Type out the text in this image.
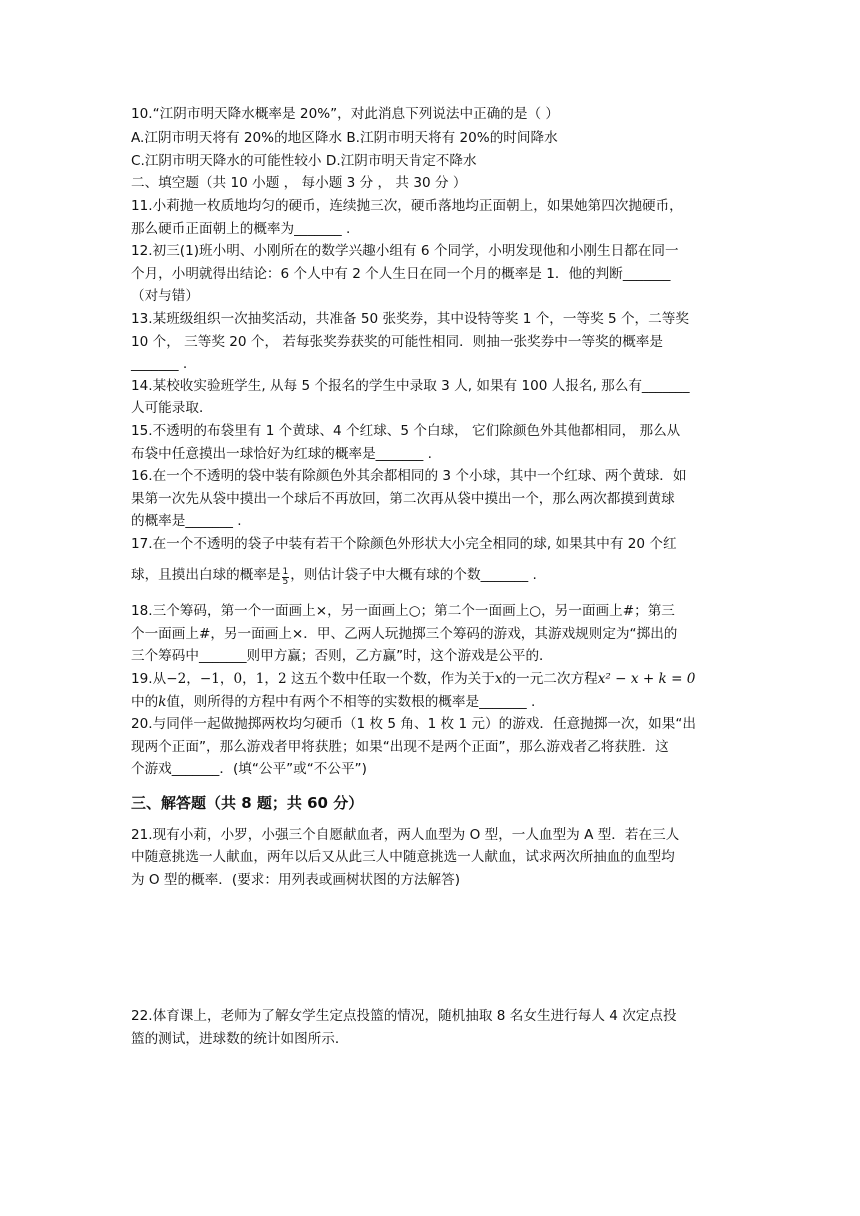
10.“江阴市明天降水概率是 20%”，对此消息下列说法中正确的是（ ）
A.江阴市明天将有 20%的地区降水 B.江阴市明天将有 20%的时间降水
C.江阴市明天降水的可能性较小 D.江阴市明天肯定不降水
二、填空题（共 10 小题 ， 每小题 3 分 ， 共 30 分 ）
11.小莉抛一枚质地均匀的硬币，连续抛三次，硬币落地均正面朝上，如果她第四次抛硬币，
那么硬币正面朝上的概率为_______ .
12.初三(1)班小明、小刚所在的数学兴趣小组有 6 个同学，小明发现他和小刚生日都在同一
个月，小明就得出结论：6 个人中有 2 个人生日在同一个月的概率是 1．他的判断_______
（对与错）
13.某班级组织一次抽奖活动，共准备 50 张奖券，其中设特等奖 1 个，一等奖 5 个，二等奖
10 个， 三等奖 20 个， 若每张奖券获奖的可能性相同．则抽一张奖券中一等奖的概率是
_______ .
14.某校收实验班学生, 从每 5 个报名的学生中录取 3 人, 如果有 100 人报名, 那么有_______
人可能录取．
15.不透明的布袋里有 1 个黄球、4 个红球、5 个白球， 它们除颜色外其他都相同， 那么从
布袋中任意摸出一球恰好为红球的概率是_______ .
16.在一个不透明的袋中装有除颜色外其余都相同的 3 个小球，其中一个红球、两个黄球．如
果第一次先从袋中摸出一个球后不再放回，第二次再从袋中摸出一个，那么两次都摸到黄球
的概率是_______ .
17.在一个不透明的袋子中装有若干个除颜色外形状大小完全相同的球, 如果其中有 20 个红
球，且摸出白球的概率是 $\frac{1}{5}$ ，则估计袋子中大概有球的个数_______ .
18.三个筹码，第一个一面画上×，另一面画上○；第二个一面画上○，另一面画上#；第三
个一面画上#，另一面画上×．甲、乙两人玩抛掷三个筹码的游戏，其游戏规则定为“掷出的
三个筹码中_______则甲方赢；否则，乙方赢”时，这个游戏是公平的．
19.从−2，−1，0，1，2 这五个数中任取一个数，作为关于x的一元二次方程x² − x + k = 0
中的k值，则所得的方程中有两个不相等的实数根的概率是_______ .
20.与同伴一起做抛掷两枚均匀硬币（1 枚 5 角、1 枚 1 元）的游戏．任意抛掷一次，如果“出
现两个正面”，那么游戏者甲将获胜；如果“出现不是两个正面”，那么游戏者乙将获胜．这
个游戏_______．(填“公平”或“不公平”)
三、解答题（共 8 题；共 60 分）
21.现有小莉，小罗，小强三个自愿献血者，两人血型为 O 型，一人血型为 A 型．若在三人
中随意挑选一人献血，两年以后又从此三人中随意挑选一人献血，试求两次所抽血的血型均
为 O 型的概率．(要求：用列表或画树状图的方法解答)
22.体育课上，老师为了解女学生定点投篮的情况，随机抽取 8 名女生进行每人 4 次定点投
篮的测试，进球数的统计如图所示．
